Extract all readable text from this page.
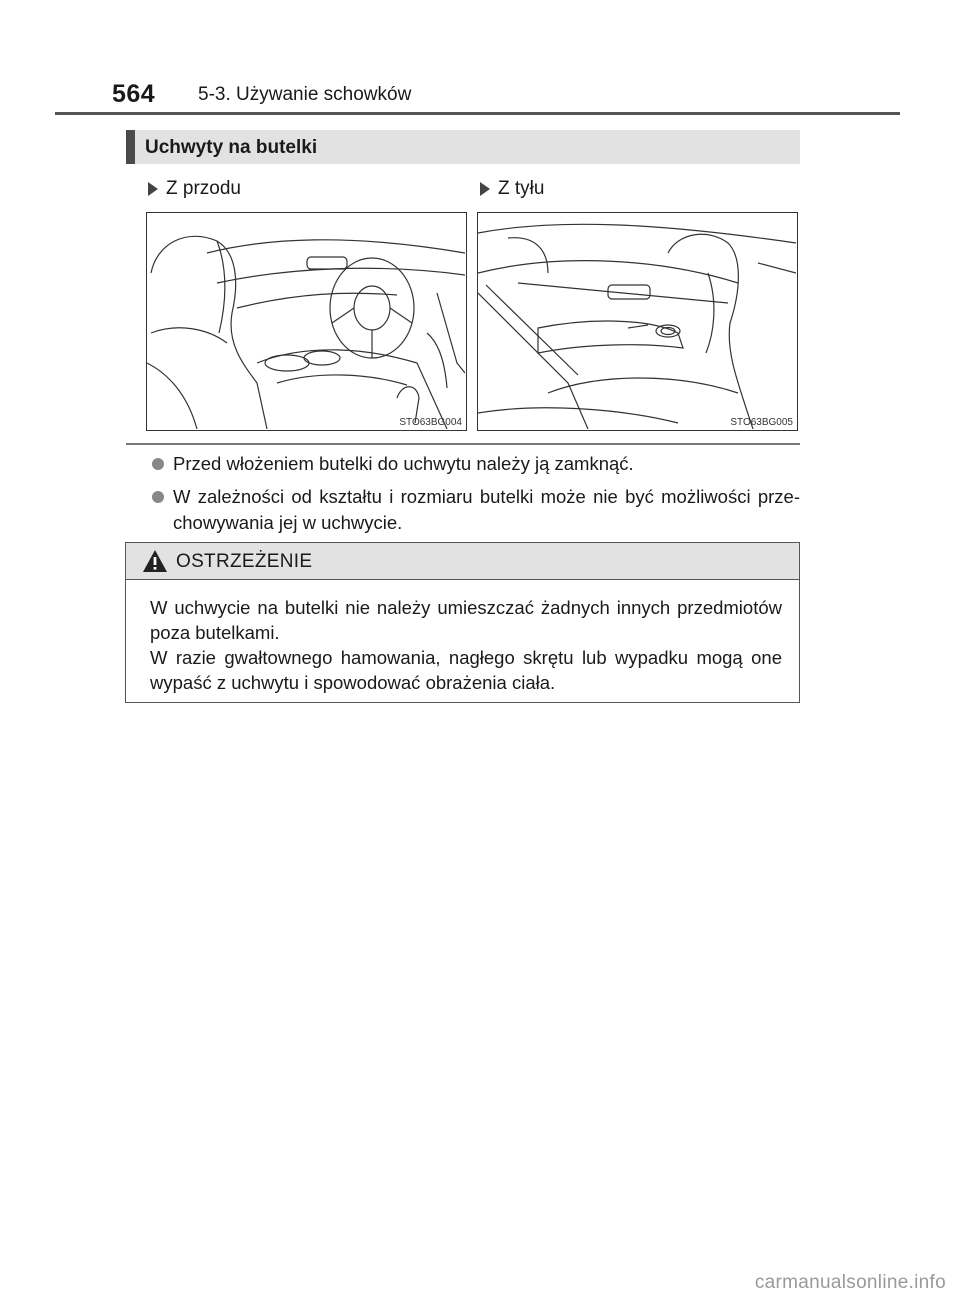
564 5-3. Używanie schowków
Uchwyty na butelki
Z przodu	Z tyłu
STO63BG004	STO63BG005
Przed włożeniem butelki do uchwytu należy ją zamknąć.
W zależności od kształtu i rozmiaru butelki może nie być możliwości prze-chowywania jej w uchwycie.
OSTRZEŻENIE
W uchwycie na butelki nie należy umieszczać żadnych innych przedmiotów poza butelkami.
W razie gwałtownego hamowania, nagłego skrętu lub wypadku mogą one wypaść z uchwytu i spowodować obrażenia ciała.
carmanualsonline.info
